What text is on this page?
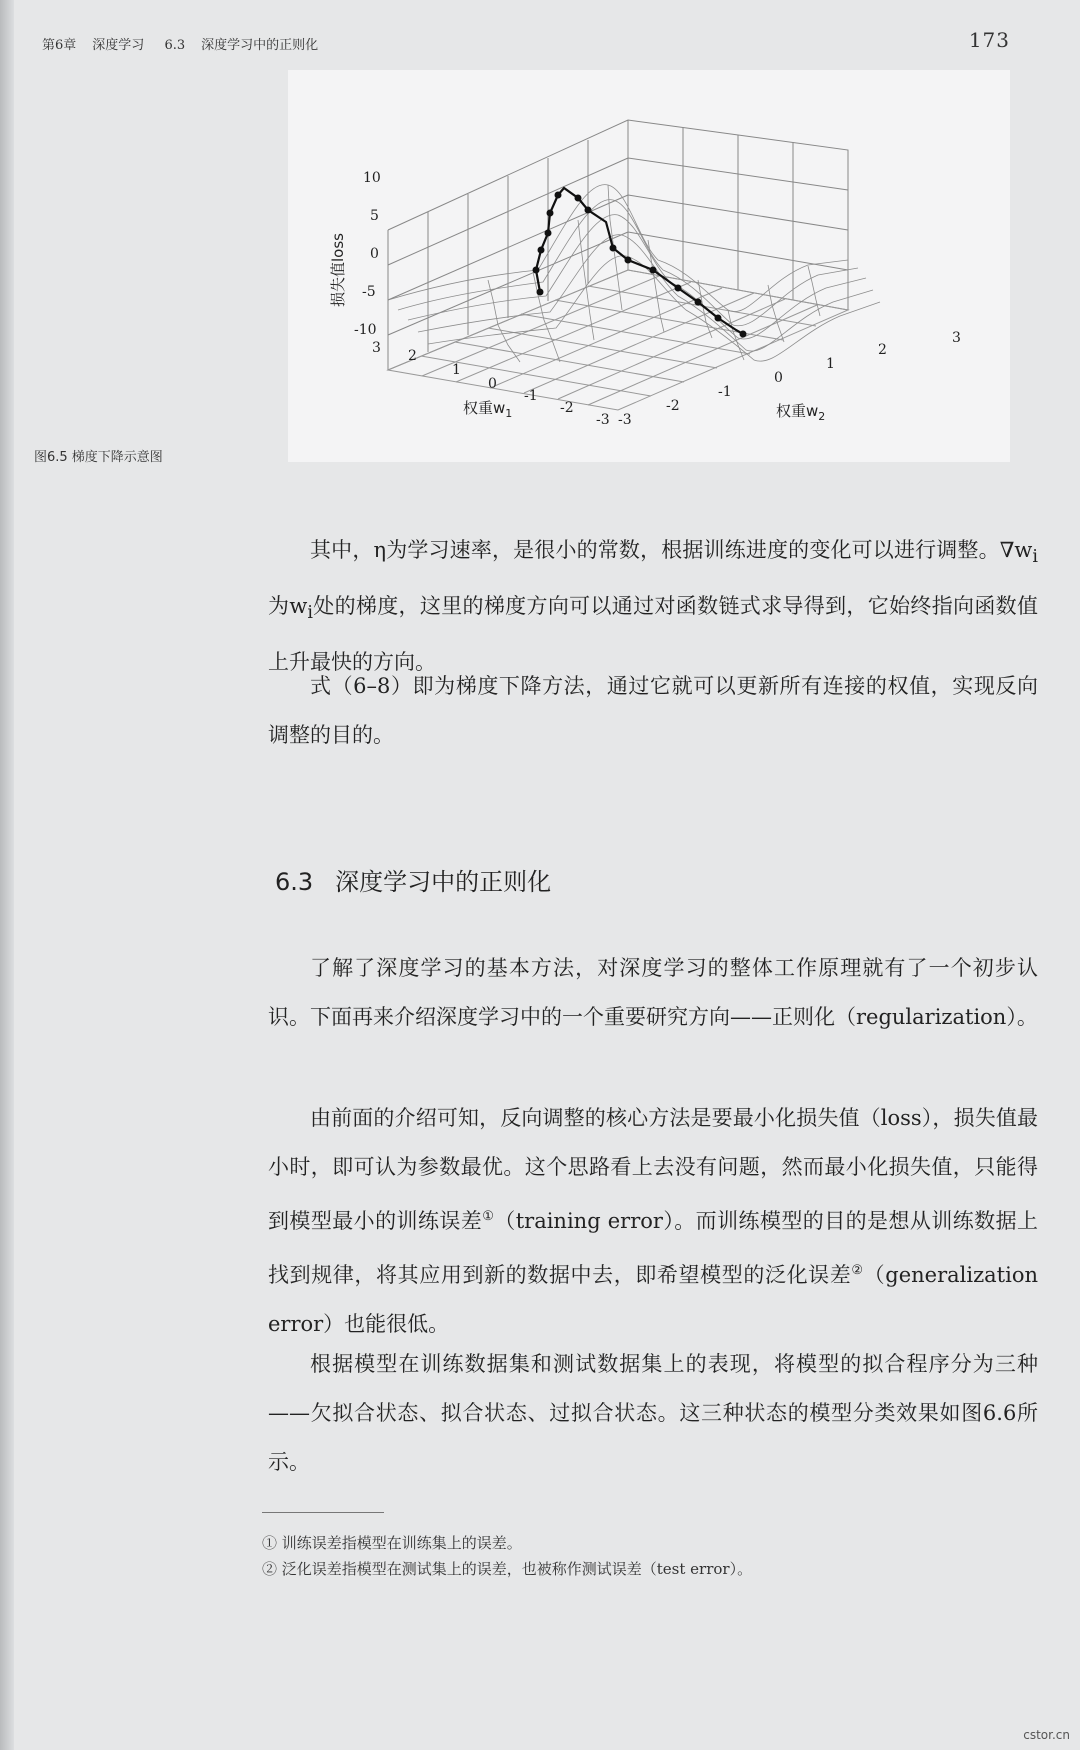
第6章 深度学习 6.3 深度学习中的正则化	173
10
5
0
-5
-10
损失值loss
3 2
1
0
-1
-2
-3
权重$w_1$	-3
-2
-1
0
1
2
3
权重$w_2$
图6.5 梯度下降示意图

其中，η为学习速率，是很小的常数，根据训练进度的变化可以进行调整。$\nabla w_i$为$w_i$处的梯度，这里的梯度方向可以通过对函数链式求导得到，它始终指向函数值上升最快的方向。

式（6–8）即为梯度下降方法，通过它就可以更新所有连接的权值，实现反向调整的目的。

6.3 深度学习中的正则化

了解了深度学习的基本方法，对深度学习的整体工作原理就有了一个初步认识。下面再来介绍深度学习中的一个重要研究方向——正则化（regularization）。

由前面的介绍可知，反向调整的核心方法是要最小化损失值（loss），损失值最小时，即可认为参数最优。这个思路看上去没有问题，然而最小化损失值，只能得到模型最小的训练误差①（training error）。而训练模型的目的是想从训练数据上找到规律，将其应用到新的数据中去，即希望模型的泛化误差②（generalization error）也能很低。

根据模型在训练数据集和测试数据集上的表现，将模型的拟合程序分为三种——欠拟合状态、拟合状态、过拟合状态。这三种状态的模型分类效果如图6.6所示。

① 训练误差指模型在训练集上的误差。
② 泛化误差指模型在测试集上的误差，也被称作测试误差（test error）。
cstor.cn
